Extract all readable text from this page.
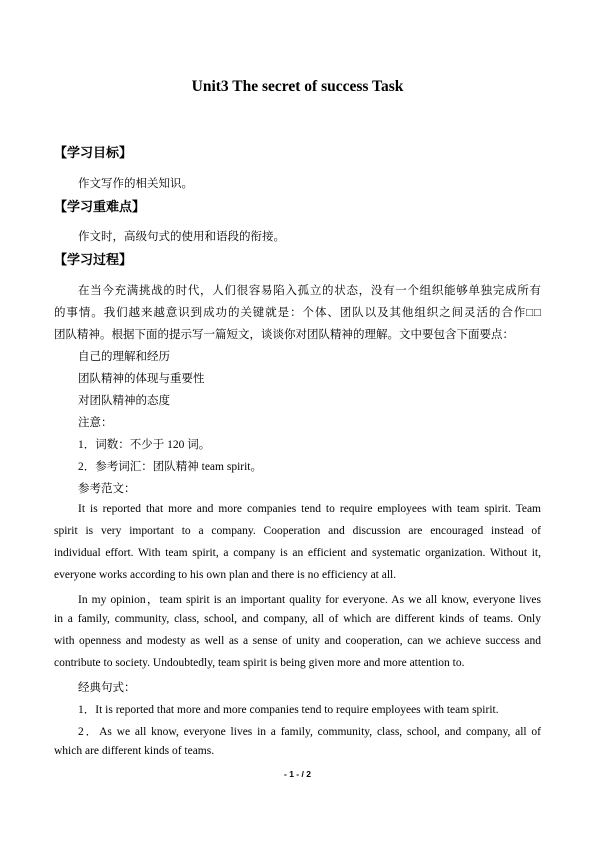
Unit3 The secret of success Task
【学习目标】
作文写作的相关知识。
【学习重难点】
作文时，高级句式的使用和语段的衔接。
【学习过程】
在当今充满挑战的时代，人们很容易陷入孤立的状态，没有一个组织能够单独完成所有
的事情。我们越来越意识到成功的关键就是：个体、团队以及其他组织之间灵活的合作□□
团队精神。根据下面的提示写一篇短文，谈谈你对团队精神的理解。文中要包含下面要点：
自己的理解和经历
团队精神的体现与重要性
对团队精神的态度
注意：
1．词数：不少于 120 词。
2．参考词汇：团队精神 team spirit。
参考范文：
It is reported that more and more companies tend to require employees with team spirit. Team
spirit is very important to a company. Cooperation and discussion are encouraged instead of
individual effort. With team spirit, a company is an efficient and systematic organization. Without it,
everyone works according to his own plan and there is no efficiency at all.
In my opinion，team spirit is an important quality for everyone. As we all know, everyone lives
in a family, community, class, school, and company, all of which are different kinds of teams. Only
with openness and modesty as well as a sense of unity and cooperation, can we achieve success and
contribute to society. Undoubtedly, team spirit is being given more and more attention to.
经典句式：
1．It is reported that more and more companies tend to require employees with team spirit.
2．As we all know, everyone lives in a family, community, class, school, and company, all of
which are different kinds of teams.
- 1 - / 2
